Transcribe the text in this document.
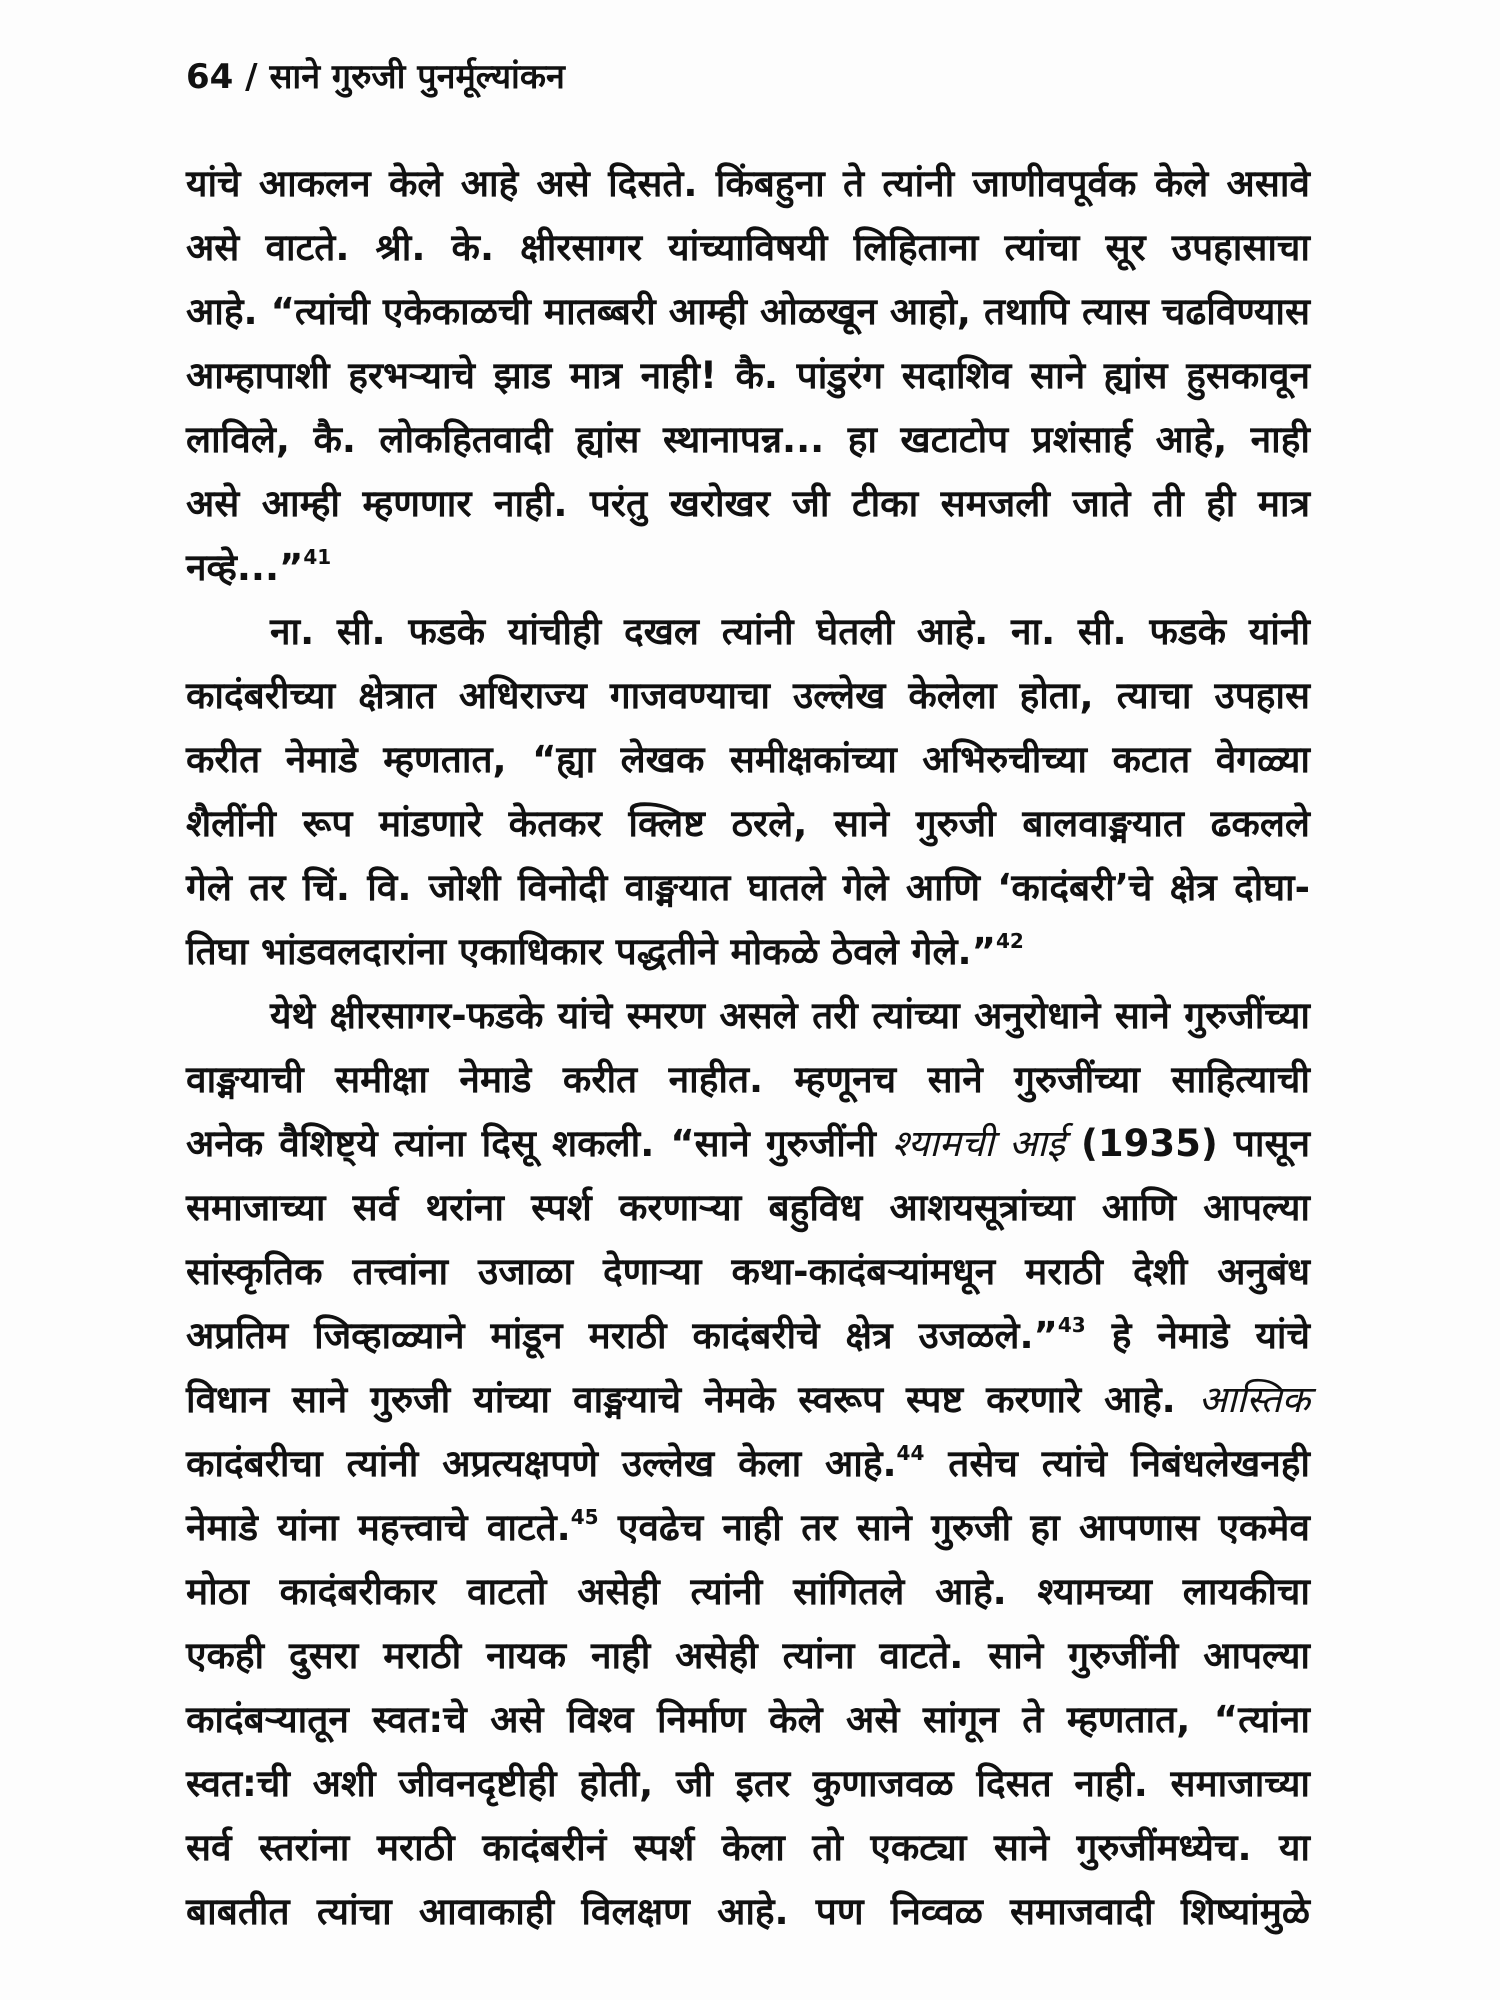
64 / साने गुरुजी पुनर्मूल्यांकन
यांचे आकलन केले आहे असे दिसते. किंबहुना ते त्यांनी जाणीवपूर्वक केले असावे
असे वाटते. श्री. के. क्षीरसागर यांच्याविषयी लिहिताना त्यांचा सूर उपहासाचा
आहे. “त्यांची एकेकाळची मातब्बरी आम्ही ओळखून आहो, तथापि त्यास चढविण्यास
आम्हापाशी हरभऱ्याचे झाड मात्र नाही! कै. पांडुरंग सदाशिव साने ह्यांस हुसकावून
लाविले, कै. लोकहितवादी ह्यांस स्थानापन्न... हा खटाटोप प्रशंसार्ह आहे, नाही
असे आम्ही म्हणणार नाही. परंतु खरोखर जी टीका समजली जाते ती ही मात्र
नव्हे...”$^{41}$
ना. सी. फडके यांचीही दखल त्यांनी घेतली आहे. ना. सी. फडके यांनी
कादंबरीच्या क्षेत्रात अधिराज्य गाजवण्याचा उल्लेख केलेला होता, त्याचा उपहास
करीत नेमाडे म्हणतात, “ह्या लेखक समीक्षकांच्या अभिरुचीच्या कटात वेगळ्या
शैलींनी रूप मांडणारे केतकर क्लिष्ट ठरले, साने गुरुजी बालवाङ्मयात ढकलले
गेले तर चिं. वि. जोशी विनोदी वाङ्मयात घातले गेले आणि ‘कादंबरी’चे क्षेत्र दोघा-
तिघा भांडवलदारांना एकाधिकार पद्धतीने मोकळे ठेवले गेले.”$^{42}$
येथे क्षीरसागर-फडके यांचे स्मरण असले तरी त्यांच्या अनुरोधाने साने गुरुजींच्या
वाङ्मयाची समीक्षा नेमाडे करीत नाहीत. म्हणूनच साने गुरुजींच्या साहित्याची
अनेक वैशिष्ट्ये त्यांना दिसू शकली. “साने गुरुजींनी श्यामची आई (1935) पासून
समाजाच्या सर्व थरांना स्पर्श करणाऱ्या बहुविध आशयसूत्रांच्या आणि आपल्या
सांस्कृतिक तत्त्वांना उजाळा देणाऱ्या कथा-कादंबऱ्यांमधून मराठी देशी अनुबंध
अप्रतिम जिव्हाळ्याने मांडून मराठी कादंबरीचे क्षेत्र उजळले.”$^{43}$ हे नेमाडे यांचे
विधान साने गुरुजी यांच्या वाङ्मयाचे नेमके स्वरूप स्पष्ट करणारे आहे. आस्तिक
कादंबरीचा त्यांनी अप्रत्यक्षपणे उल्लेख केला आहे.$^{44}$ तसेच त्यांचे निबंधलेखनही
नेमाडे यांना महत्त्वाचे वाटते.$^{45}$ एवढेच नाही तर साने गुरुजी हा आपणास एकमेव
मोठा कादंबरीकार वाटतो असेही त्यांनी सांगितले आहे. श्यामच्या लायकीचा
एकही दुसरा मराठी नायक नाही असेही त्यांना वाटते. साने गुरुजींनी आपल्या
कादंबऱ्यातून स्वत:चे असे विश्व निर्माण केले असे सांगून ते म्हणतात, “त्यांना
स्वत:ची अशी जीवनदृष्टीही होती, जी इतर कुणाजवळ दिसत नाही. समाजाच्या
सर्व स्तरांना मराठी कादंबरीनं स्पर्श केला तो एकट्या साने गुरुजींमध्येच. या
बाबतीत त्यांचा आवाकाही विलक्षण आहे. पण निव्वळ समाजवादी शिष्यांमुळे
